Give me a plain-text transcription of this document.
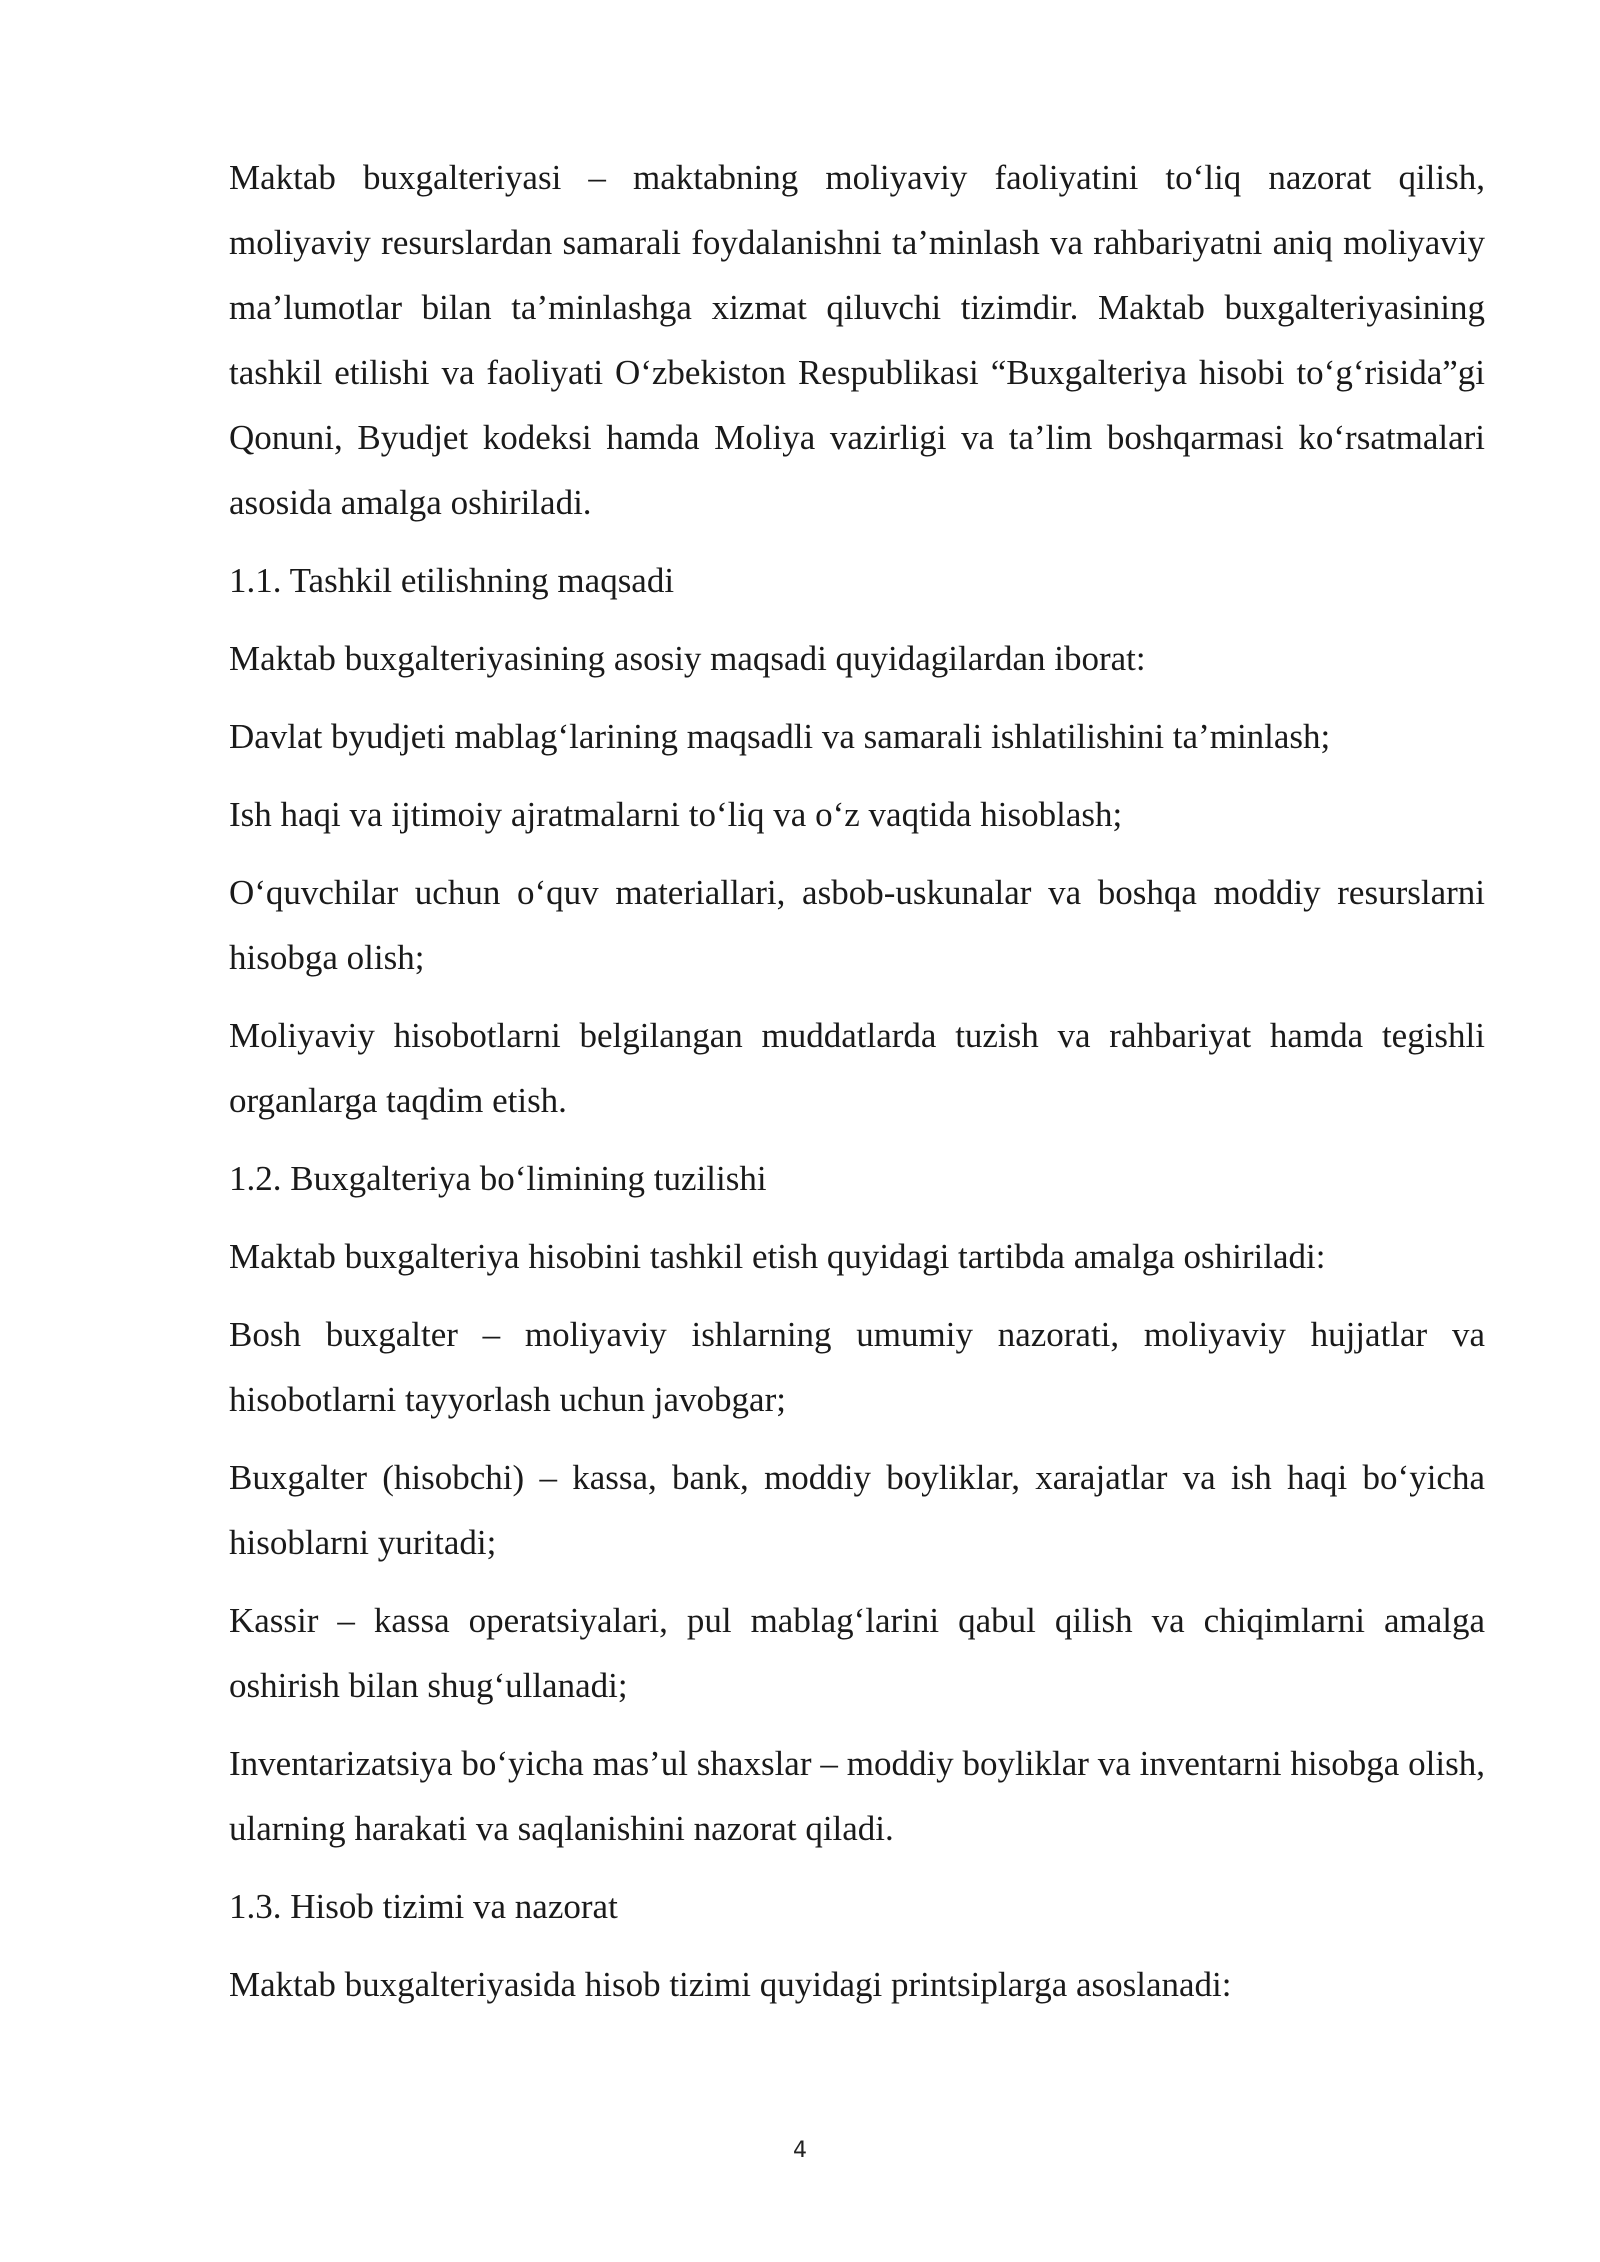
Maktab buxgalteriyasi – maktabning moliyaviy faoliyatini to‘liq nazorat qilish, moliyaviy resurslardan samarali foydalanishni ta’minlash va rahbariyatni aniq moliyaviy ma’lumotlar bilan ta’minlashga xizmat qiluvchi tizimdir. Maktab buxgalteriyasining tashkil etilishi va faoliyati O‘zbekiston Respublikasi “Buxgalteriya hisobi to‘g‘risida”gi Qonuni, Byudjet kodeksi hamda Moliya vazirligi va ta’lim boshqarmasi ko‘rsatmalari asosida amalga oshiriladi.

1.1. Tashkil etilishning maqsadi

Maktab buxgalteriyasining asosiy maqsadi quyidagilardan iborat:

Davlat byudjeti mablag‘larining maqsadli va samarali ishlatilishini ta’minlash;

Ish haqi va ijtimoiy ajratmalarni to‘liq va o‘z vaqtida hisoblash;

O‘quvchilar uchun o‘quv materiallari, asbob-uskunalar va boshqa moddiy resurslarni hisobga olish;

Moliyaviy hisobotlarni belgilangan muddatlarda tuzish va rahbariyat hamda tegishli organlarga taqdim etish.

1.2. Buxgalteriya bo‘limining tuzilishi

Maktab buxgalteriya hisobini tashkil etish quyidagi tartibda amalga oshiriladi:

Bosh buxgalter – moliyaviy ishlarning umumiy nazorati, moliyaviy hujjatlar va hisobotlarni tayyorlash uchun javobgar;

Buxgalter (hisobchi) – kassa, bank, moddiy boyliklar, xarajatlar va ish haqi bo‘yicha hisoblarni yuritadi;

Kassir – kassa operatsiyalari, pul mablag‘larini qabul qilish va chiqimlarni amalga oshirish bilan shug‘ullanadi;

Inventarizatsiya bo‘yicha mas’ul shaxslar – moddiy boyliklar va inventarni hisobga olish, ularning harakati va saqlanishini nazorat qiladi.

1.3. Hisob tizimi va nazorat

Maktab buxgalteriyasida hisob tizimi quyidagi printsiplarga asoslanadi:

4
